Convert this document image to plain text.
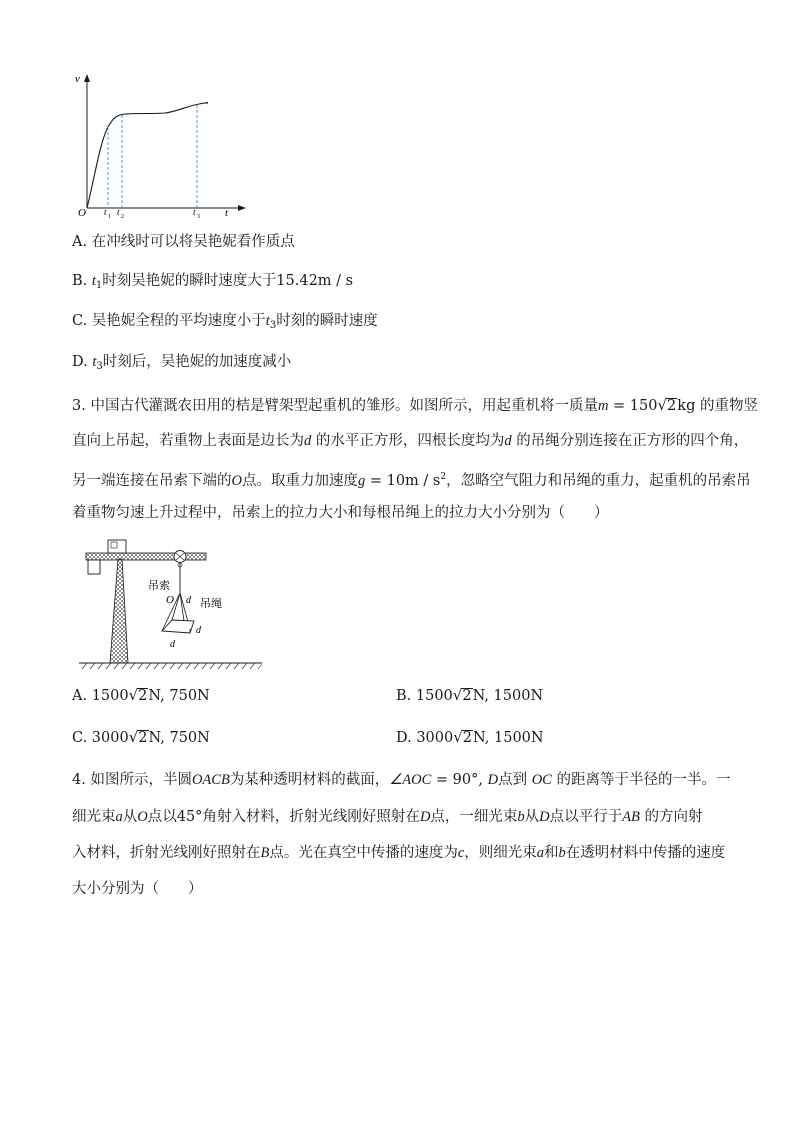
v
t
O t 1 t 2	t 3
A. 在冲线时可以将吴艳妮看作质点
B. $t_1$时刻吴艳妮的瞬时速度大于15.42m / s
C. 吴艳妮全程的平均速度小于$t_3$时刻的瞬时速度
D. $t_3$时刻后，吴艳妮的加速度减小
3. 中国古代灌溉农田用的桔是臂架型起重机的雏形。如图所示，用起重机将一质量m = 150√2kg 的重物竖
直向上吊起，若重物上表面是边长为d 的水平正方形，四根长度均为d 的吊绳分别连接在正方形的四个角，
另一端连接在吊索下端的O点。取重力加速度$g = 10m / s^2$，忽略空气阻力和吊绳的重力，起重机的吊索吊
着重物匀速上升过程中，吊索上的拉力大小和每根吊绳上的拉力大小分别为（　　）
吊索
O d 吊绳
d
d
A. 1500√2N, 750N	B. 1500√2N, 1500N
C. 3000√2N, 750N	D. 3000√2N, 1500N
4. 如图所示，半圆OACB为某种透明材料的截面，∠AOC = 90°, D点到 OC 的距离等于半径的一半。一
细光束a从O点以45°角射入材料，折射光线刚好照射在D点，一细光束b从D点以平行于AB 的方向射
入材料，折射光线刚好照射在B点。光在真空中传播的速度为c，则细光束a和b在透明材料中传播的速度
大小分别为（　　）
